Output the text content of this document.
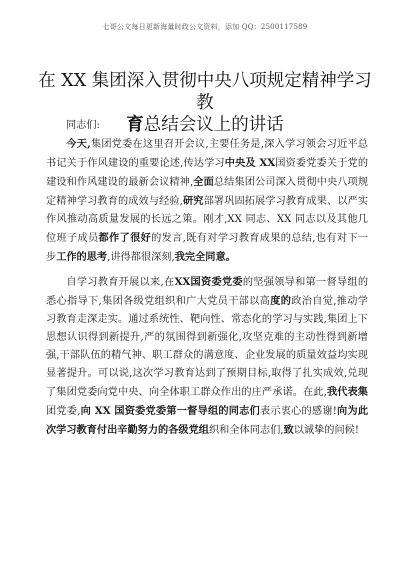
七哥公文每日更新海量时政公文资料，添加 QQ：2500117589
在 XX 集团深入贯彻中央八项规定精神学习教
育总结会议上的讲话

同志们:

今天,集团党委在这里召开会议,主要任务是,深入学习领会习近平总书记关于作风建设的重要论述,传达学习中央及 XX国资委党委关于党的建设和作风建设的最新会议精神,全面总结集团公司深入贯彻中央八项规定精神学习教育的成效与经验,研究部署巩固拓展学习教育成果、以严实作风推动高质量发展的长远之策。刚才,XX 同志、XX 同志以及其他几位班子成员都作了很好的发言,既有对学习教育成果的总结,也有对下一步工作的思考,讲得都很深刻,我完全同意。

自学习教育开展以来,在XX国资委党委的坚强领导和第一督导组的悉心指导下,集团各级党组织和广大党员干部以高度的政治自觉,推动学习教育走深走实。通过系统性、靶向性、常态化的学习与实践,集团上下思想认识得到新提升,严的氛围得到新强化,攻坚克难的主动性得到新增强,干部队伍的精气神、职工群众的满意度、企业发展的质量效益均实现显著提升。可以说,这次学习教育达到了预期目标,取得了扎实成效,兑现了集团党委向党中央、向全体职工群众作出的庄严承诺。在此,我代表集团党委,向 XX 国资委党委第一督导组的同志们表示衷心的感谢!向为此次学习教育付出辛勤努力的各级党组织和全体同志们,致以诚挚的问候!
